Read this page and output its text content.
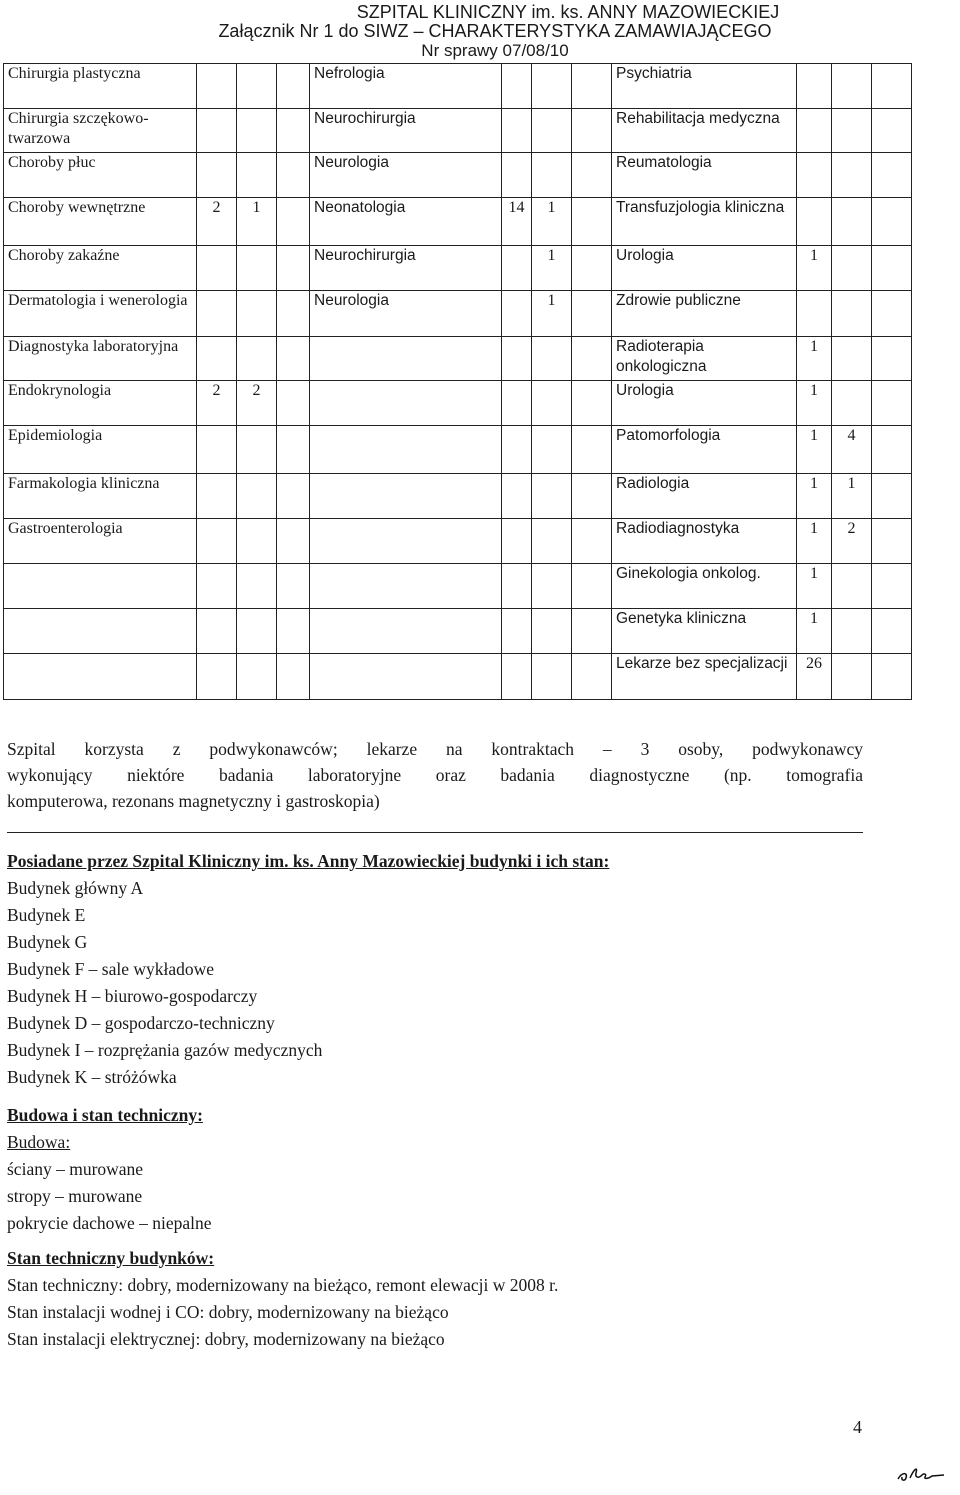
SZPITAL KLINICZNY im. ks. ANNY MAZOWIECKIEJ
Załącznik Nr 1 do SIWZ – CHARAKTERYSTYKA ZAMAWIAJĄCEGO
Nr sprawy 07/08/10
Chirurgia plastyczna				Nefrologia				Psychiatria			
Chirurgia szczękowo-twarzowa				Neurochirurgia				Rehabilitacja medyczna			
Choroby płuc				Neurologia				Reumatologia			
Choroby wewnętrzne	2	1		Neonatologia	14	1		Transfuzjologia kliniczna			
Choroby zakaźne				Neurochirurgia		1		Urologia	1		
Dermatologia i wenerologia				Neurologia		1		Zdrowie publiczne			
Diagnostyka laboratoryjna								Radioterapia onkologiczna	1		
Endokrynologia	2	2						Urologia	1		
Epidemiologia								Patomorfologia	1	4	
Farmakologia kliniczna								Radiologia	1	1	
Gastroenterologia								Radiodiagnostyka	1	2	
								Ginekologia onkolog.	1		
								Genetyka kliniczna	1		
								Lekarze bez specjalizacji	26		
Szpital korzysta z podwykonawców; lekarze na kontraktach – 3 osoby, podwykonawcy
wykonujący niektóre badania laboratoryjne oraz badania diagnostyczne (np. tomografia
komputerowa, rezonans magnetyczny i gastroskopia)
Posiadane przez Szpital Kliniczny im. ks. Anny Mazowieckiej budynki i ich stan:
Budynek główny A
Budynek E
Budynek G
Budynek F – sale wykładowe
Budynek H – biurowo-gospodarczy
Budynek D – gospodarczo-techniczny
Budynek I – rozprężania gazów medycznych
Budynek K – stróżówka
Budowa i stan techniczny:
Budowa:
ściany – murowane
stropy – murowane
pokrycie dachowe – niepalne
Stan techniczny budynków:
Stan techniczny: dobry, modernizowany na bieżąco, remont elewacji w 2008 r.
Stan instalacji wodnej i CO: dobry, modernizowany na bieżąco
Stan instalacji elektrycznej: dobry, modernizowany na bieżąco
4
